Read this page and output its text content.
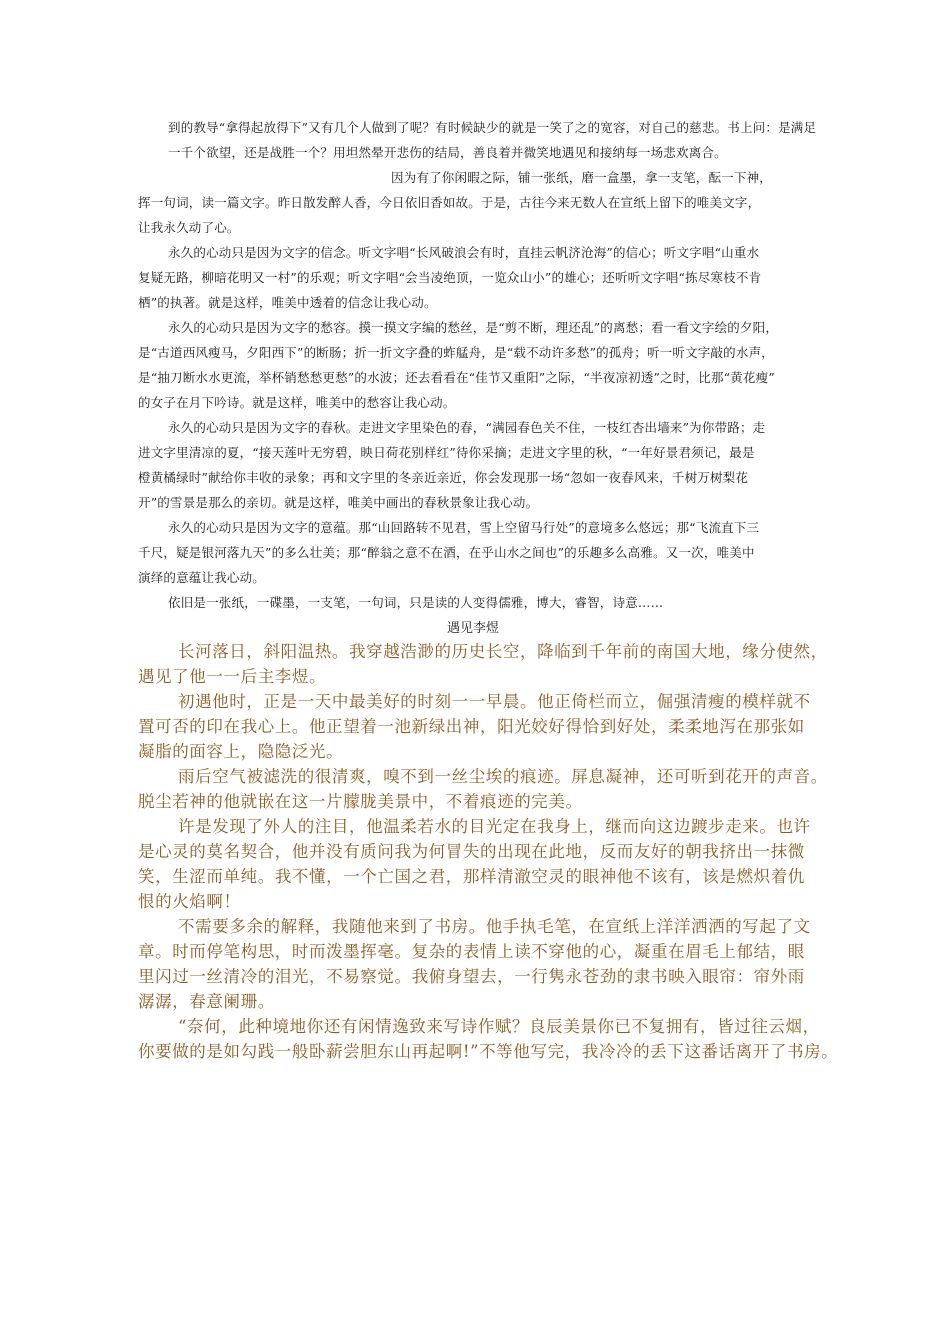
到的教导“拿得起放得下”又有几个人做到了呢？有时候缺少的就是一笑了之的宽容，对自己的慈悲。书上问：是满足
一千个欲望，还是战胜一个？用坦然晕开悲伤的结局，善良着并微笑地遇见和接纳每一场悲欢离合。
因为有了你闲暇之际，铺一张纸，磨一盒墨，拿一支笔，酝一下神，
挥一句词，读一篇文字。昨日散发醉人香，今日依旧香如故。于是，古往今来无数人在宣纸上留下的唯美文字，
让我永久动了心。
永久的心动只是因为文字的信念。听文字唱“长风破浪会有时，直挂云帆济沧海”的信心；听文字唱“山重水
复疑无路，柳暗花明又一村”的乐观；听文字唱“会当凌绝顶，一览众山小”的雄心；还听听文字唱“拣尽寒枝不肯
栖”的执著。就是这样，唯美中透着的信念让我心动。
永久的心动只是因为文字的愁容。摸一摸文字编的愁丝，是“剪不断，理还乱”的离愁；看一看文字绘的夕阳，
是“古道西风瘦马，夕阳西下”的断肠；折一折文字叠的蚱艋舟，是“载不动许多愁”的孤舟；听一听文字敲的水声，
是“抽刀断水水更流，举杯销愁愁更愁”的水波；还去看看在“佳节又重阳”之际，“半夜凉初透”之时，比那“黄花瘦”
的女子在月下吟诗。就是这样，唯美中的愁容让我心动。
永久的心动只是因为文字的春秋。走进文字里染色的春，“满园春色关不住，一枝红杏出墙来”为你带路；走
进文字里清凉的夏，“接天莲叶无穷碧，映日荷花别样红”待你采摘；走进文字里的秋，“一年好景君须记，最是
橙黄橘绿时”献给你丰收的录象；再和文字里的冬亲近亲近，你会发现那一场“忽如一夜春风来，千树万树梨花
开”的雪景是那么的亲切。就是这样，唯美中画出的春秋景象让我心动。
永久的心动只是因为文字的意蕴。那“山回路转不见君，雪上空留马行处”的意境多么悠远；那“飞流直下三
千尺，疑是银河落九天”的多么壮美；那“醉翁之意不在酒，在乎山水之间也”的乐趣多么高雅。又一次，唯美中
演绎的意蕴让我心动。
依旧是一张纸，一碟墨，一支笔，一句词，只是读的人变得儒雅，博大，睿智，诗意……
遇见李煜
长河落日，斜阳温热。我穿越浩渺的历史长空，降临到千年前的南国大地，缘分使然，
遇见了他一一后主李煜。
初遇他时，正是一天中最美好的时刻一一早晨。他正倚栏而立，倔强清瘦的模样就不
置可否的印在我心上。他正望着一池新绿出神，阳光姣好得恰到好处，柔柔地泻在那张如
凝脂的面容上，隐隐泛光。
雨后空气被滤洗的很清爽，嗅不到一丝尘埃的痕迹。屏息凝神，还可听到花开的声音。
脱尘若神的他就嵌在这一片朦胧美景中，不着痕迹的完美。
许是发现了外人的注目，他温柔若水的目光定在我身上，继而向这边踱步走来。也许
是心灵的莫名契合，他并没有质问我为何冒失的出现在此地，反而友好的朝我挤出一抹微
笑，生涩而单纯。我不懂，一个亡国之君，那样清澈空灵的眼神他不该有，该是燃炽着仇
恨的火焰啊！
不需要多余的解释，我随他来到了书房。他手执毛笔，在宣纸上洋洋洒洒的写起了文
章。时而停笔构思，时而泼墨挥毫。复杂的表情上读不穿他的心，凝重在眉毛上郁结，眼
里闪过一丝清冷的泪光，不易察觉。我俯身望去，一行隽永苍劲的隶书映入眼帘：帘外雨
潺潺，春意阑珊。
“奈何，此种境地你还有闲情逸致来写诗作赋？良辰美景你已不复拥有，皆过往云烟，
你要做的是如勾践一般卧薪尝胆东山再起啊!”不等他写完，我冷冷的丢下这番话离开了书房。
